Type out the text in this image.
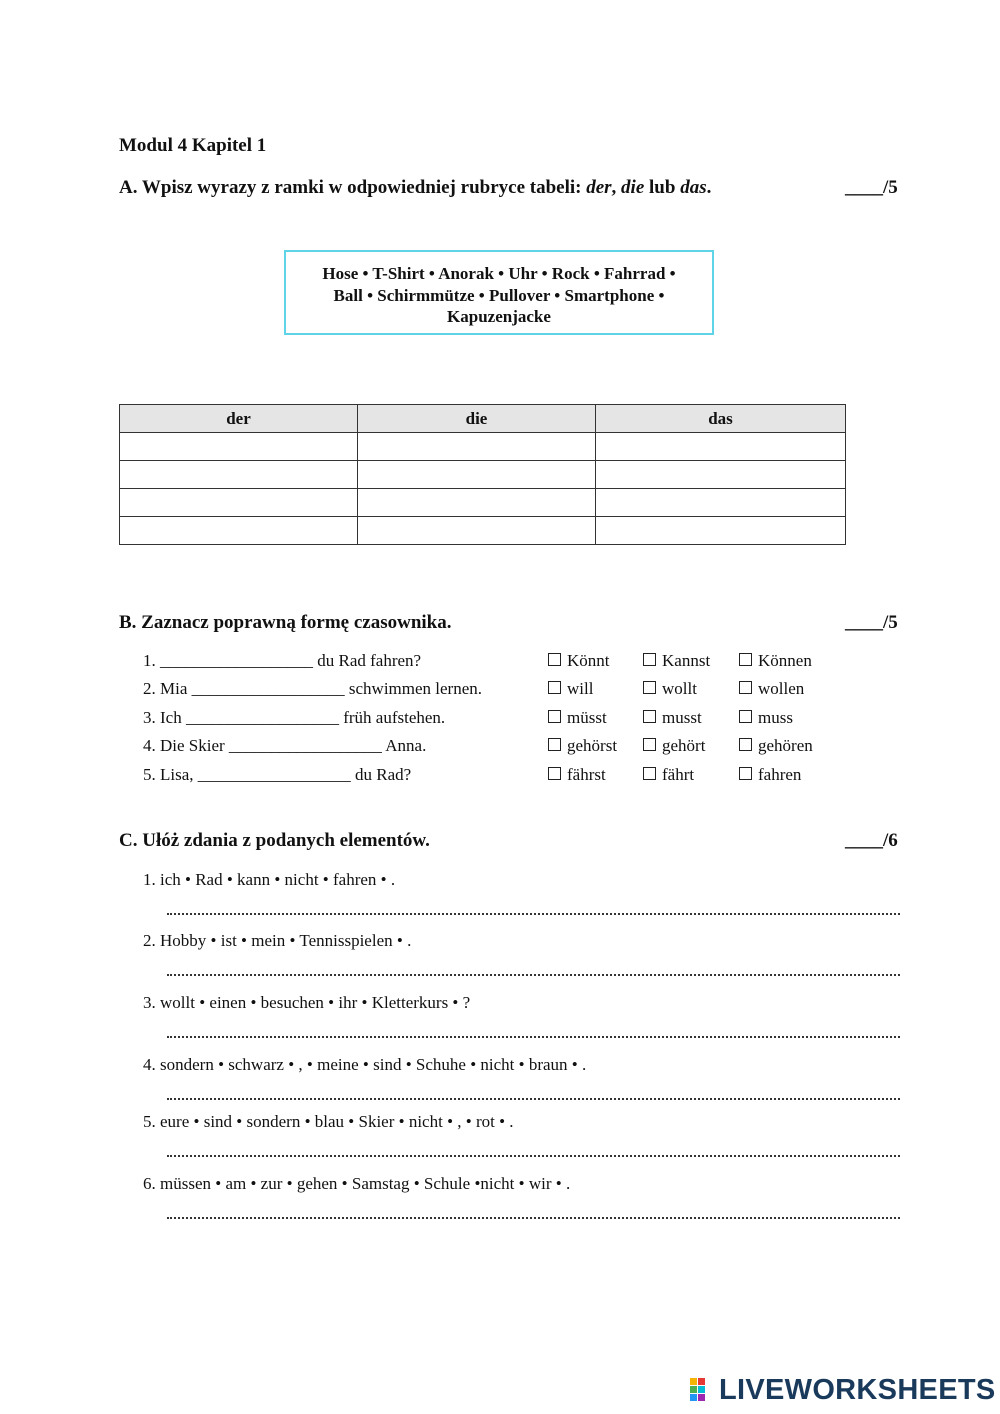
Modul 4 Kapitel 1
A. Wpisz wyrazy z ramki w odpowiedniej rubryce tabeli: der, die lub das.	____/5
Hose • T-Shirt • Anorak • Uhr • Rock • Fahrrad •
Ball • Schirmmütze • Pullover • Smartphone •
Kapuzenjacke
der	die	das

B. Zaznacz poprawną formę czasownika.	____/5
1. __________________ du Rad fahren?	Könnt	Kannst	Können
2. Mia __________________ schwimmen lernen.	will	wollt	wollen
3. Ich __________________ früh aufstehen.	müsst	musst	muss
4. Die Skier __________________ Anna.	gehörst	gehört	gehören
5. Lisa, __________________ du Rad?	fährst	fährt	fahren
C. Ułóż zdania z podanych elementów.	____/6
1. ich • Rad • kann • nicht • fahren • .
2. Hobby • ist • mein • Tennisspielen • .
3. wollt • einen • besuchen • ihr • Kletterkurs • ?
4. sondern • schwarz • , • meine • sind • Schuhe • nicht • braun • .
5. eure • sind • sondern • blau • Skier • nicht • , • rot • .
6. müssen • am • zur • gehen • Samstag • Schule •nicht • wir • .
LIVEWORKSHEETS
